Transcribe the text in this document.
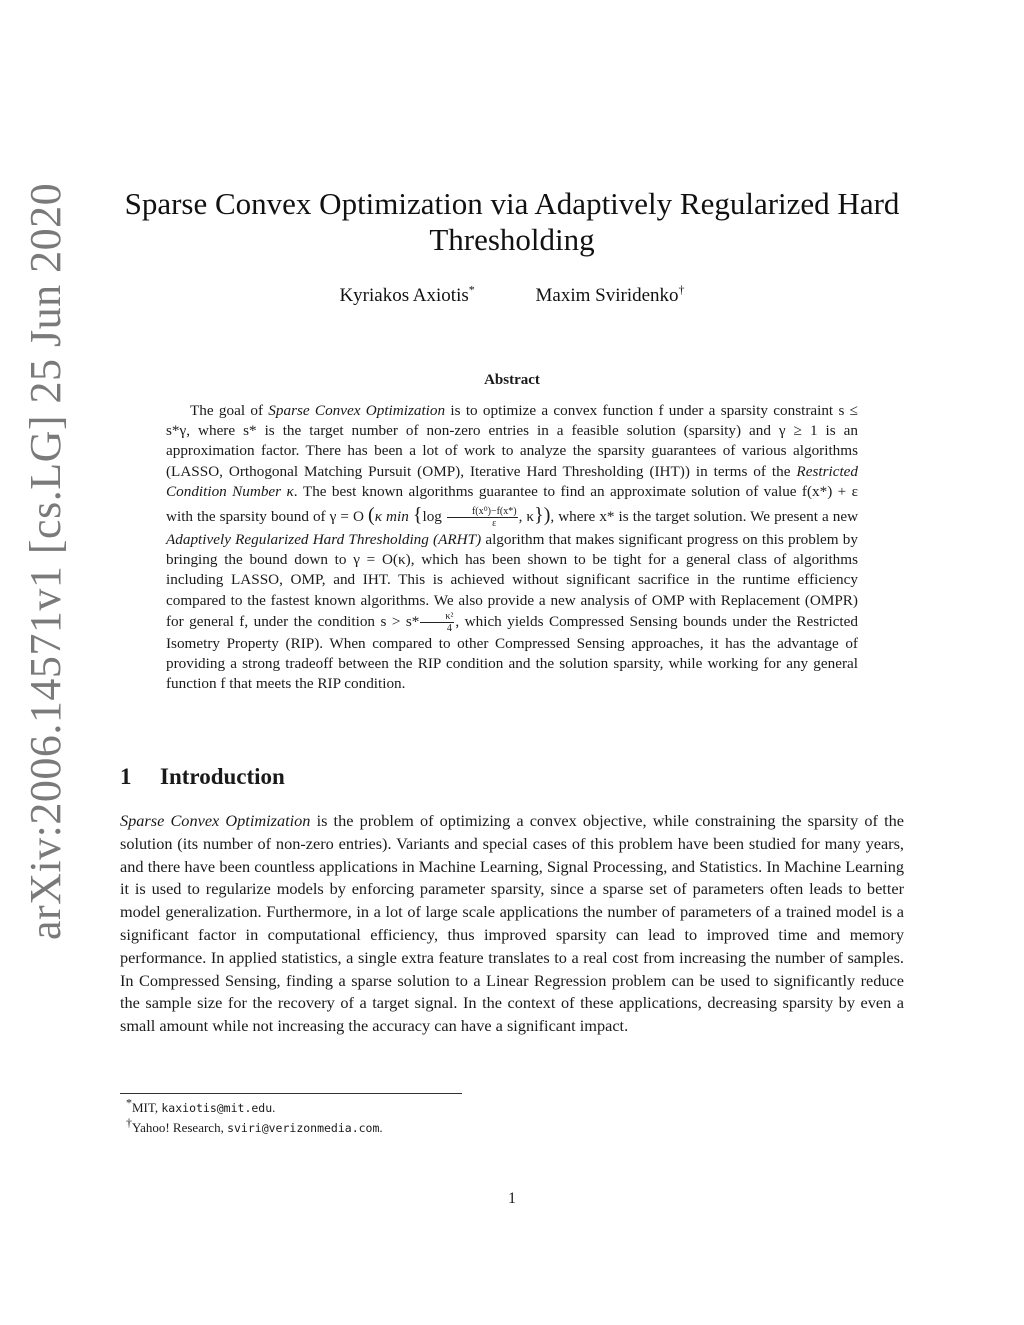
arXiv:2006.14571v1 [cs.LG] 25 Jun 2020 Sparse Convex Optimization via Adaptively Regularized Hard
Thresholding
Kyriakos Axiotis*	Maxim Sviridenko†
Abstract

The goal of Sparse Convex Optimization is to optimize a convex function f under a sparsity constraint s ≤ s*γ, where s* is the target number of non-zero entries in a feasible solution (sparsity) and γ ≥ 1 is an approximation factor. There has been a lot of work to analyze the sparsity guarantees of various algorithms (LASSO, Orthogonal Matching Pursuit (OMP), Iterative Hard Thresholding (IHT)) in terms of the Restricted Condition Number κ. The best known algorithms guarantee to find an approximate solution of value f(x*) + ε with the sparsity bound of γ = O (κ $\min \{\log \frac{\text{f(x⁰)−f(x*)}}{\varepsilon}$ , κ}), where x* is the target solution. We present a new Adaptively Regularized Hard Thresholding (ARHT) algorithm that makes significant progress on this problem by bringing the bound down to γ = O(κ), which has been shown to be tight for a general class of algorithms including LASSO, OMP, and IHT. This is achieved without significant sacrifice in the runtime efficiency compared to the fastest known algorithms. We also provide a new analysis of OMP with Replacement (OMPR) for general f, under the condition $s > s* \frac{\text{κ²}}{4}$ , which yields Compressed Sensing bounds under the Restricted Isometry Property (RIP). When compared to other Compressed Sensing approaches, it has the advantage of providing a strong tradeoff between the RIP condition and the solution sparsity, while working for any general function f that meets the RIP condition.

1 Introduction

Sparse Convex Optimization is the problem of optimizing a convex objective, while constraining the sparsity of the solution (its number of non-zero entries). Variants and special cases of this problem have been studied for many years, and there have been countless applications in Machine Learning, Signal Processing, and Statistics. In Machine Learning it is used to regularize models by enforcing parameter sparsity, since a sparse set of parameters often leads to better model generalization. Furthermore, in a lot of large scale applications the number of parameters of a trained model is a significant factor in computational efficiency, thus improved sparsity can lead to improved time and memory performance. In applied statistics, a single extra feature translates to a real cost from increasing the number of samples. In Compressed Sensing, finding a sparse solution to a Linear Regression problem can be used to significantly reduce the sample size for the recovery of a target signal. In the context of these applications, decreasing sparsity by even a small amount while not increasing the accuracy can have a significant impact.

*MIT, kaxiotis@mit.edu.
†Yahoo! Research, sviri@verizonmedia.com.
1
